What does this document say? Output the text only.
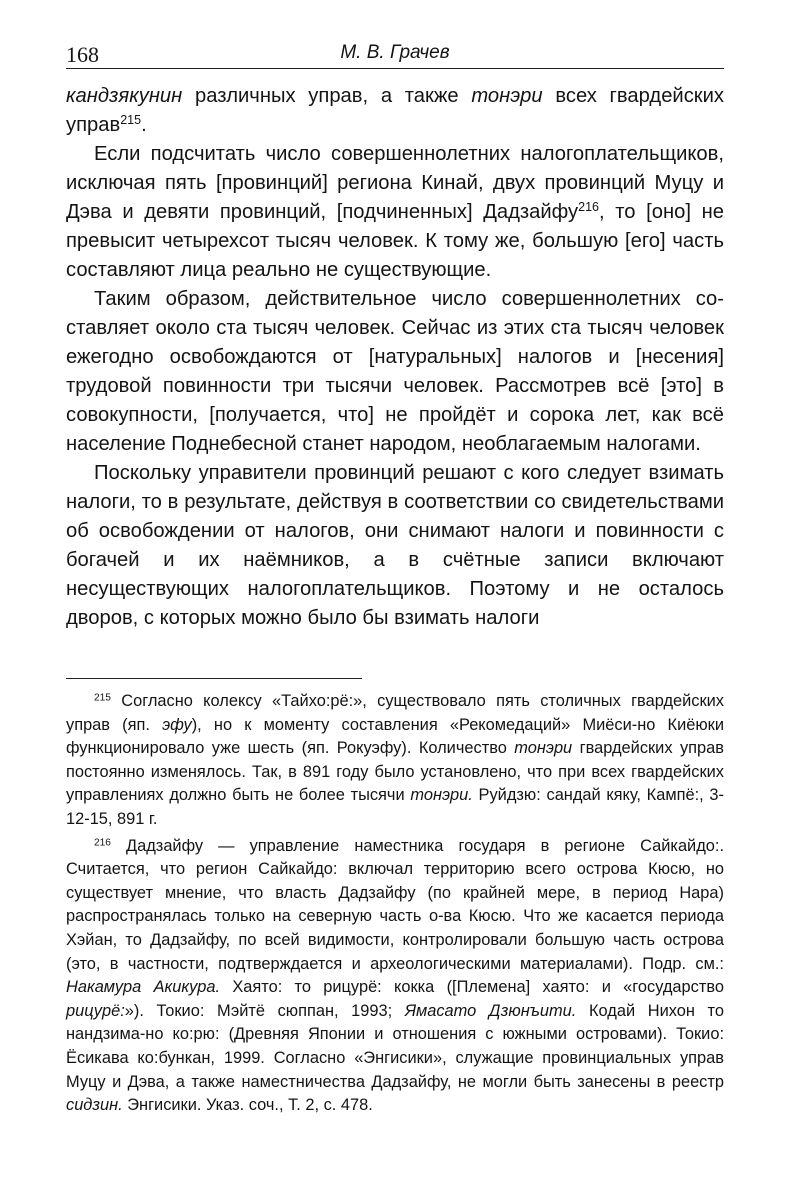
168	М. В. Грачев

кандзякунин различных управ, а также тонэри всех гвардейских управ$^{215}$.

Если подсчитать число совершеннолетних налогоплательщиков, исключая пять [провинций] региона Кинай, двух провинций Муцу и Дэва и девяти провинций, [подчиненных] Дадзайфу$^{216}$, то [оно] не превысит четырехсот тысяч человек. К тому же, большую [его] часть составляют лица реально не существующие.

Таким образом, действительное число совершеннолетних составляет около ста тысяч человек. Сейчас из этих ста тысяч человек ежегодно освобождаются от [натуральных] налогов и [несения] трудовой повинности три тысячи человек. Рассмотрев всё [это] в совокупности, [получается, что] не пройдёт и сорока лет, как всё население Поднебесной станет народом, необлагаемым налогами.

Поскольку управители провинций решают с кого следует взимать налоги, то в результате, действуя в соответствии со свидетельствами об освобождении от налогов, они снимают налоги и повинности с богачей и их наёмников, а в счётные записи включают несуществующих налогоплательщиков. Поэтому и не осталось дворов, с которых можно было бы взимать налоги

$^{215}$ Согласно колексу «Тайхо:рё:», существовало пять столичных гвардейских управ (яп. эфу), но к моменту составления «Рекомедаций» Миёси-но Киёюки функционировало уже шесть (яп. Рокуэфу). Количество тонэри гвардейских управ постоянно изменялось. Так, в 891 году было установлено, что при всех гвардейских управлениях должно быть не более тысячи тонэри. Руйдзю: сандай кяку, Кампё:, 3-12-15, 891 г.

$^{216}$ Дадзайфу — управление наместника государя в регионе Сайкайдо:. Считается, что регион Сайкайдо: включал территорию всего острова Кюсю, но существует мнение, что власть Дадзайфу (по крайней мере, в период Нара) распространялась только на северную часть о-ва Кюсю. Что же касается периода Хэйан, то Дадзайфу, по всей видимости, контролировали большую часть острова (это, в частности, подтверждается и археологическими материалами). Подр. см.: Накамура Акикура. Хаято: то рицурё: кокка ([Племена] хаято: и «государство рицурё:»). Токио: Мэйтё сюппан, 1993; Ямасато Дзюнъити. Кодай Нихон то нандзима-но ко:рю: (Древняя Японии и отношения с южными островами). Токио: Ёсикава ко:бункан, 1999. Согласно «Энгисики», служащие провинциальных управ Муцу и Дэва, а также наместничества Дадзайфу, не могли быть занесены в реестр сидзин. Энгисики. Указ. соч., Т. 2, с. 478.
